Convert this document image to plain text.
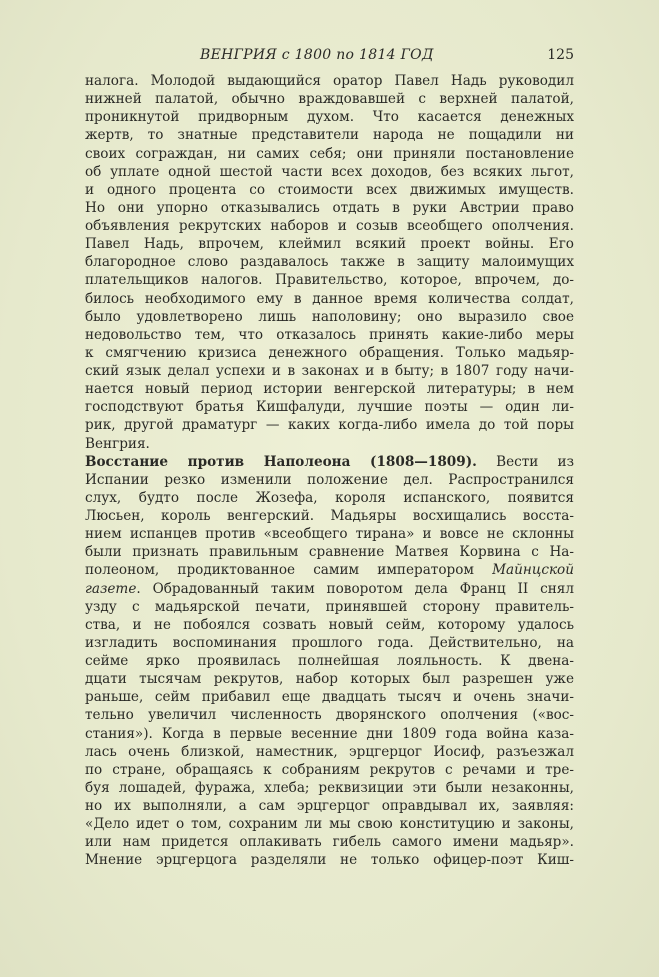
ВЕНГРИЯ с 1800 по 1814 ГОД	125
налога. Молодой выдающийся оратор Павел Надь руководил
нижней палатой, обычно враждовавшей с верхней палатой,
проникнутой придворным духом. Что касается денежных
жертв, то знатные представители народа не пощадили ни
своих сограждан, ни самих себя; они приняли постановление
об уплате одной шестой части всех доходов, без всяких льгот,
и одного процента со стоимости всех движимых имуществ.
Но они упорно отказывались отдать в руки Австрии право
объявления рекрутских наборов и созыв всеобщего ополчения.
Павел Надь, впрочем, клеймил всякий проект войны. Его
благородное слово раздавалось также в защиту малоимущих
плательщиков налогов. Правительство, которое, впрочем, до-
билось необходимого ему в данное время количества солдат,
было удовлетворено лишь наполовину; оно выразило свое
недовольство тем, что отказалось принять какие-либо меры
к смягчению кризиса денежного обращения. Только мадьяр-
ский язык делал успехи и в законах и в быту; в 1807 году начи-
нается новый период истории венгерской литературы; в нем
господствуют братья Кишфалуди, лучшие поэты — один ли-
рик, другой драматург — каких когда-либо имела до той поры
Венгрия.
Восстание против Наполеона (1808—1809). Вести из
Испании резко изменили положение дел. Распространился
слух, будто после Жозефа, короля испанского, появится
Люсьен, король венгерский. Мадьяры восхищались восста-
нием испанцев против «всеобщего тирана» и вовсе не склонны
были признать правильным сравнение Матвея Корвина с На-
полеоном, продиктованное самим императором Майнцской
газете. Обрадованный таким поворотом дела Франц II снял
узду с мадьярской печати, принявшей сторону правитель-
ства, и не побоялся созвать новый сейм, которому удалось
изгладить воспоминания прошлого года. Действительно, на
сейме ярко проявилась полнейшая лояльность. К двена-
дцати тысячам рекрутов, набор которых был разрешен уже
раньше, сейм прибавил еще двадцать тысяч и очень значи-
тельно увеличил численность дворянского ополчения («вос-
стания»). Когда в первые весенние дни 1809 года война каза-
лась очень близкой, наместник, эрцгерцог Иосиф, разъезжал
по стране, обращаясь к собраниям рекрутов с речами и тре-
буя лошадей, фуража, хлеба; реквизиции эти были незаконны,
но их выполняли, а сам эрцгерцог оправдывал их, заявляя:
«Дело идет о том, сохраним ли мы свою конституцию и законы,
или нам придется оплакивать гибель самого имени мадьяр».
Мнение эрцгерцога разделяли не только офицер-поэт Киш-
